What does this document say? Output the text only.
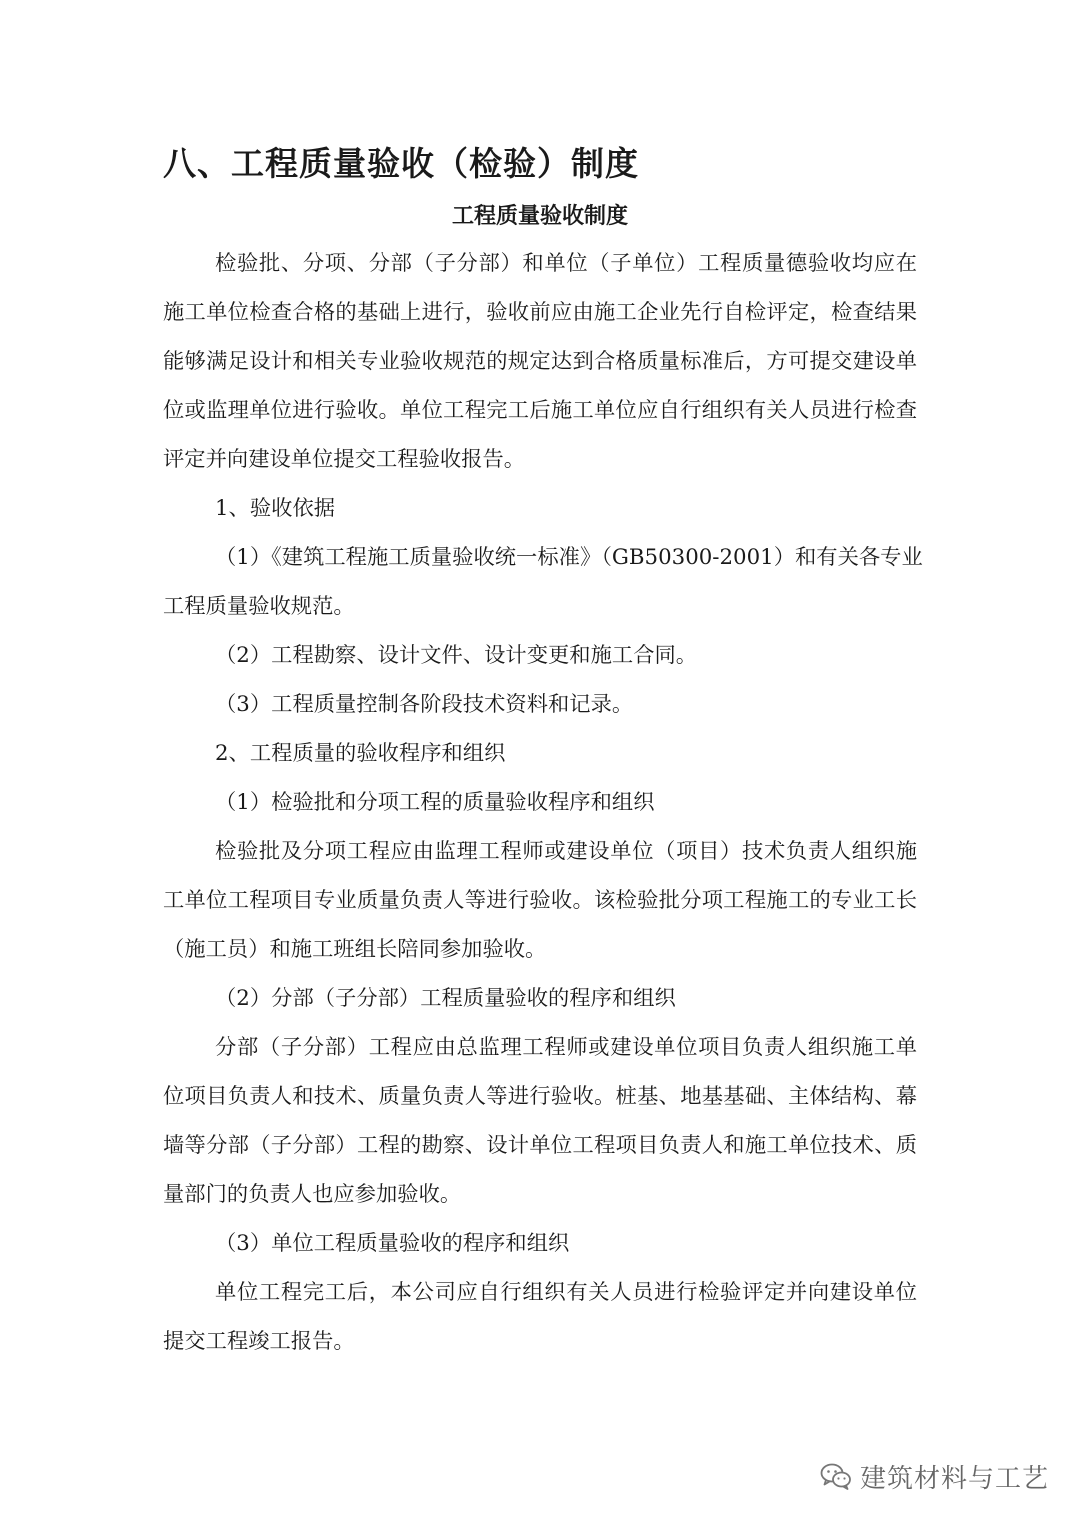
八、工程质量验收（检验）制度
工程质量验收制度
检验批、分项、分部（子分部）和单位（子单位）工程质量德验收均应在
施工单位检查合格的基础上进行，验收前应由施工企业先行自检评定，检查结果
能够满足设计和相关专业验收规范的规定达到合格质量标准后，方可提交建设单
位或监理单位进行验收。单位工程完工后施工单位应自行组织有关人员进行检查
评定并向建设单位提交工程验收报告。
1、验收依据
（1）《建筑工程施工质量验收统一标准》（GB50300-2001）和有关各专业
工程质量验收规范。
（2）工程勘察、设计文件、设计变更和施工合同。
（3）工程质量控制各阶段技术资料和记录。
2、工程质量的验收程序和组织
（1）检验批和分项工程的质量验收程序和组织
检验批及分项工程应由监理工程师或建设单位（项目）技术负责人组织施
工单位工程项目专业质量负责人等进行验收。该检验批分项工程施工的专业工长
（施工员）和施工班组长陪同参加验收。
（2）分部（子分部）工程质量验收的程序和组织
分部（子分部）工程应由总监理工程师或建设单位项目负责人组织施工单
位项目负责人和技术、质量负责人等进行验收。桩基、地基基础、主体结构、幕
墙等分部（子分部）工程的勘察、设计单位工程项目负责人和施工单位技术、质
量部门的负责人也应参加验收。
（3）单位工程质量验收的程序和组织
单位工程完工后，本公司应自行组织有关人员进行检验评定并向建设单位
提交工程竣工报告。
建筑材料与工艺
